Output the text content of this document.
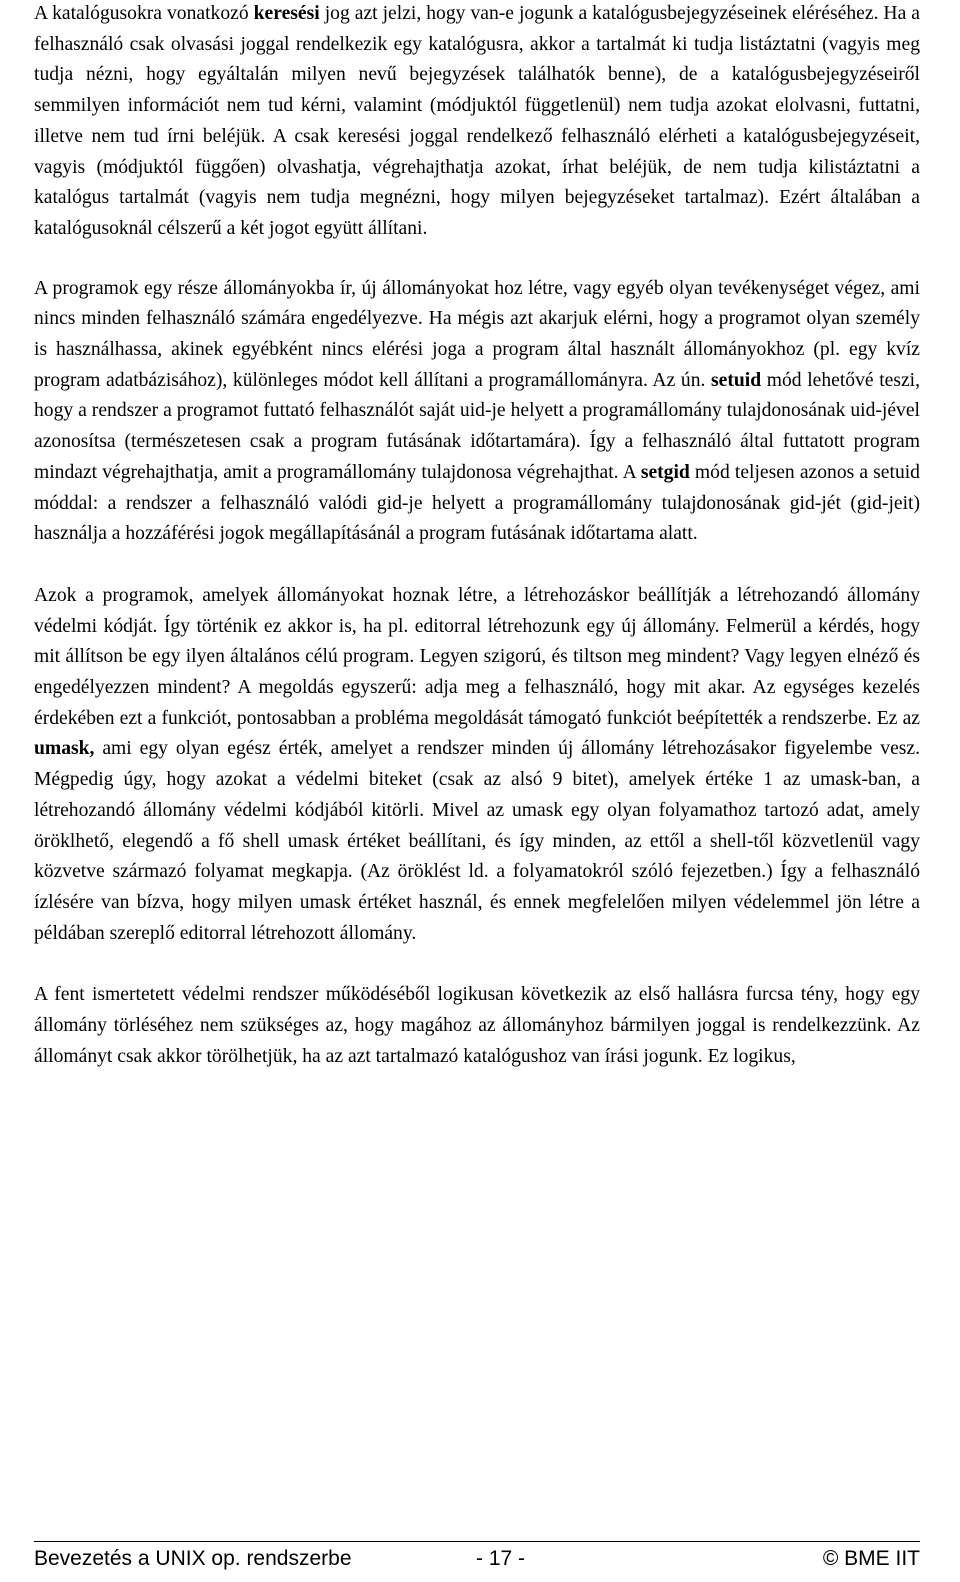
A katalógusokra vonatkozó keresési jog azt jelzi, hogy van-e jogunk a katalógusbejegyzéseinek eléréséhez. Ha a felhasználó csak olvasási joggal rendelkezik egy katalógusra, akkor a tartalmát ki tudja listáztatni (vagyis meg tudja nézni, hogy egyáltalán milyen nevű bejegyzések találhatók benne), de a katalógusbejegyzéseiről semmilyen információt nem tud kérni, valamint (módjuktól függetlenül) nem tudja azokat elolvasni, futtatni, illetve nem tud írni beléjük. A csak keresési joggal rendelkező felhasználó elérheti a katalógusbejegyzéseit, vagyis (módjuktól függően) olvashatja, végrehajthatja azokat, írhat beléjük, de nem tudja kilistáztatni a katalógus tartalmát (vagyis nem tudja megnézni, hogy milyen bejegyzéseket tartalmaz). Ezért általában a katalógusoknál célszerű a két jogot együtt állítani.

A programok egy része állományokba ír, új állományokat hoz létre, vagy egyéb olyan tevékenységet végez, ami nincs minden felhasználó számára engedélyezve. Ha mégis azt akarjuk elérni, hogy a programot olyan személy is használhassa, akinek egyébként nincs elérési joga a program által használt állományokhoz (pl. egy kvíz program adatbázisához), különleges módot kell állítani a programállományra. Az ún. setuid mód lehetővé teszi, hogy a rendszer a programot futtató felhasználót saját uid-je helyett a programállomány tulajdonosának uid-jével azonosítsa (természetesen csak a program futásának időtartamára). Így a felhasználó által futtatott program mindazt végrehajthatja, amit a programállomány tulajdonosa végrehajthat. A setgid mód teljesen azonos a setuid móddal: a rendszer a felhasználó valódi gid-je helyett a programállomány tulajdonosának gid-jét (gid-jeit) használja a hozzáférési jogok megállapításánál a program futásának időtartama alatt.

Azok a programok, amelyek állományokat hoznak létre, a létrehozáskor beállítják a létrehozandó állomány védelmi kódját. Így történik ez akkor is, ha pl. editorral létrehozunk egy új állomány. Felmerül a kérdés, hogy mit állítson be egy ilyen általános célú program. Legyen szigorú, és tiltson meg mindent? Vagy legyen elnéző és engedélyezzen mindent? A megoldás egyszerű: adja meg a felhasználó, hogy mit akar. Az egységes kezelés érdekében ezt a funkciót, pontosabban a probléma megoldását támogató funkciót beépítették a rendszerbe. Ez az umask, ami egy olyan egész érték, amelyet a rendszer minden új állomány létrehozásakor figyelembe vesz. Mégpedig úgy, hogy azokat a védelmi biteket (csak az alsó 9 bitet), amelyek értéke 1 az umask-ban, a létrehozandó állomány védelmi kódjából kitörli. Mivel az umask egy olyan folyamathoz tartozó adat, amely öröklhető, elegendő a fő shell umask értéket beállítani, és így minden, az ettől a shell-től közvetlenül vagy közvetve származó folyamat megkapja. (Az öröklést ld. a folyamatokról szóló fejezetben.) Így a felhasználó ízlésére van bízva, hogy milyen umask értéket használ, és ennek megfelelően milyen védelemmel jön létre a példában szereplő editorral létrehozott állomány.

A fent ismertetett védelmi rendszer működéséből logikusan következik az első hallásra furcsa tény, hogy egy állomány törléséhez nem szükséges az, hogy magához az állományhoz bármilyen joggal is rendelkezzünk. Az állományt csak akkor törölhetjük, ha az azt tartalmazó katalógushoz van írási jogunk. Ez logikus,

Bevezetés a UNIX op. rendszerbe	- 17 -	© BME IIT
